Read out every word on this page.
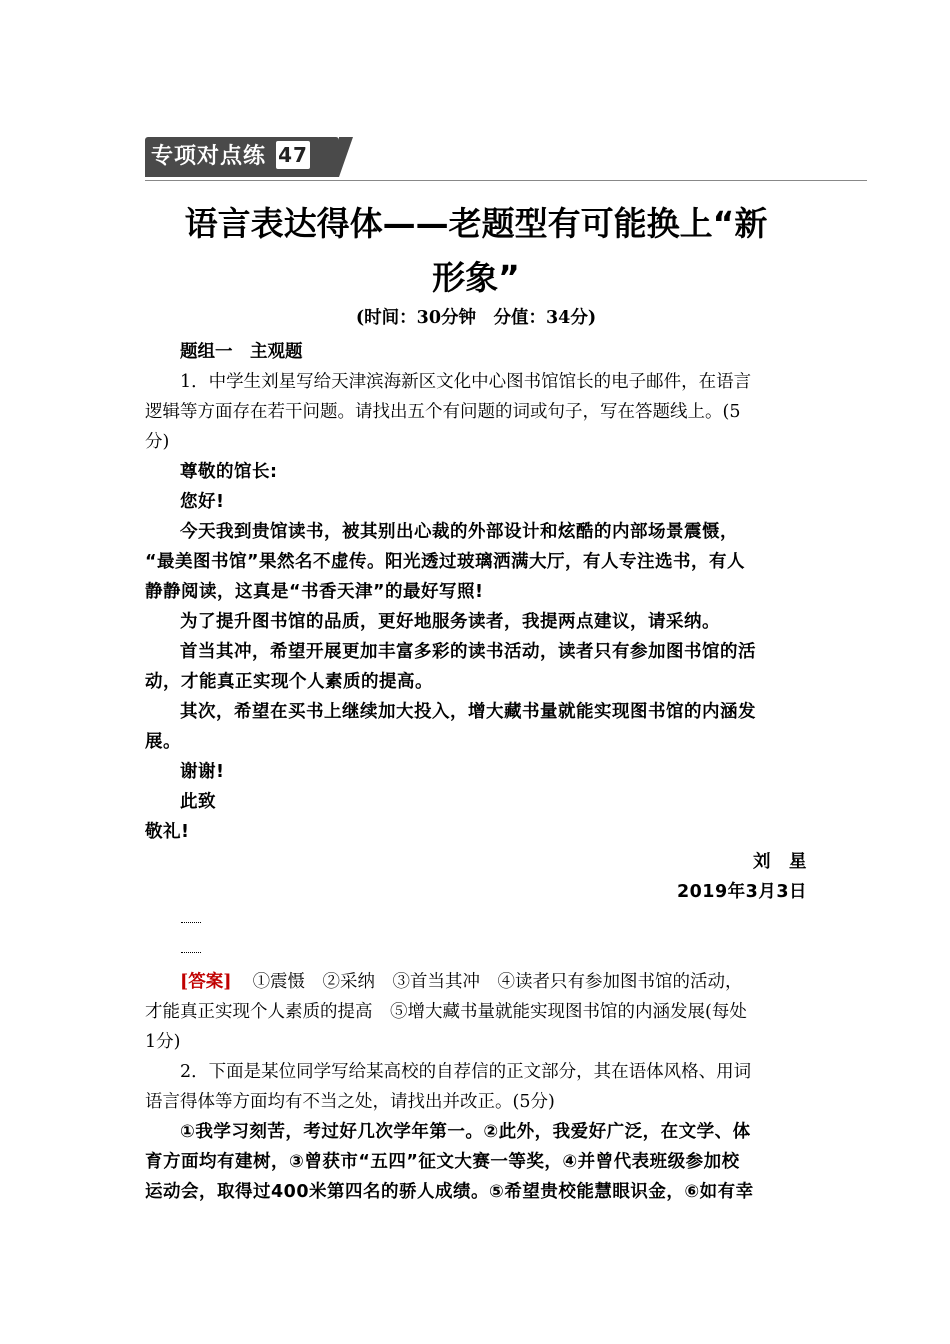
专项对点练 47
语言表达得体——老题型有可能换上“新
形象”
(时间：30分钟　分值：34分)

题组一　主观题

1．中学生刘星写给天津滨海新区文化中心图书馆馆长的电子邮件，在语言

逻辑等方面存在若干问题。请找出五个有问题的词或句子，写在答题线上。(5

分)

尊敬的馆长:

您好!

今天我到贵馆读书，被其别出心裁的外部设计和炫酷的内部场景震慑，

“最美图书馆”果然名不虚传。阳光透过玻璃洒满大厅，有人专注选书，有人

静静阅读，这真是“书香天津”的最好写照!

为了提升图书馆的品质，更好地服务读者，我提两点建议，请采纳。

首当其冲，希望开展更加丰富多彩的读书活动，读者只有参加图书馆的活

动，才能真正实现个人素质的提高。

其次，希望在买书上继续加大投入，增大藏书量就能实现图书馆的内涵发

展。

谢谢!

此致

敬礼!

刘　星

2019年3月3日

[答案] ①震慑　②采纳　③首当其冲　④读者只有参加图书馆的活动，

才能真正实现个人素质的提高　⑤增大藏书量就能实现图书馆的内涵发展(每处

1分)

2．下面是某位同学写给某高校的自荐信的正文部分，其在语体风格、用词

语言得体等方面均有不当之处，请找出并改正。(5分)

①我学习刻苦，考过好几次学年第一。②此外，我爱好广泛，在文学、体

育方面均有建树，③曾获市“五四”征文大赛一等奖，④并曾代表班级参加校

运动会，取得过400米第四名的骄人成绩。⑤希望贵校能慧眼识金，⑥如有幸
